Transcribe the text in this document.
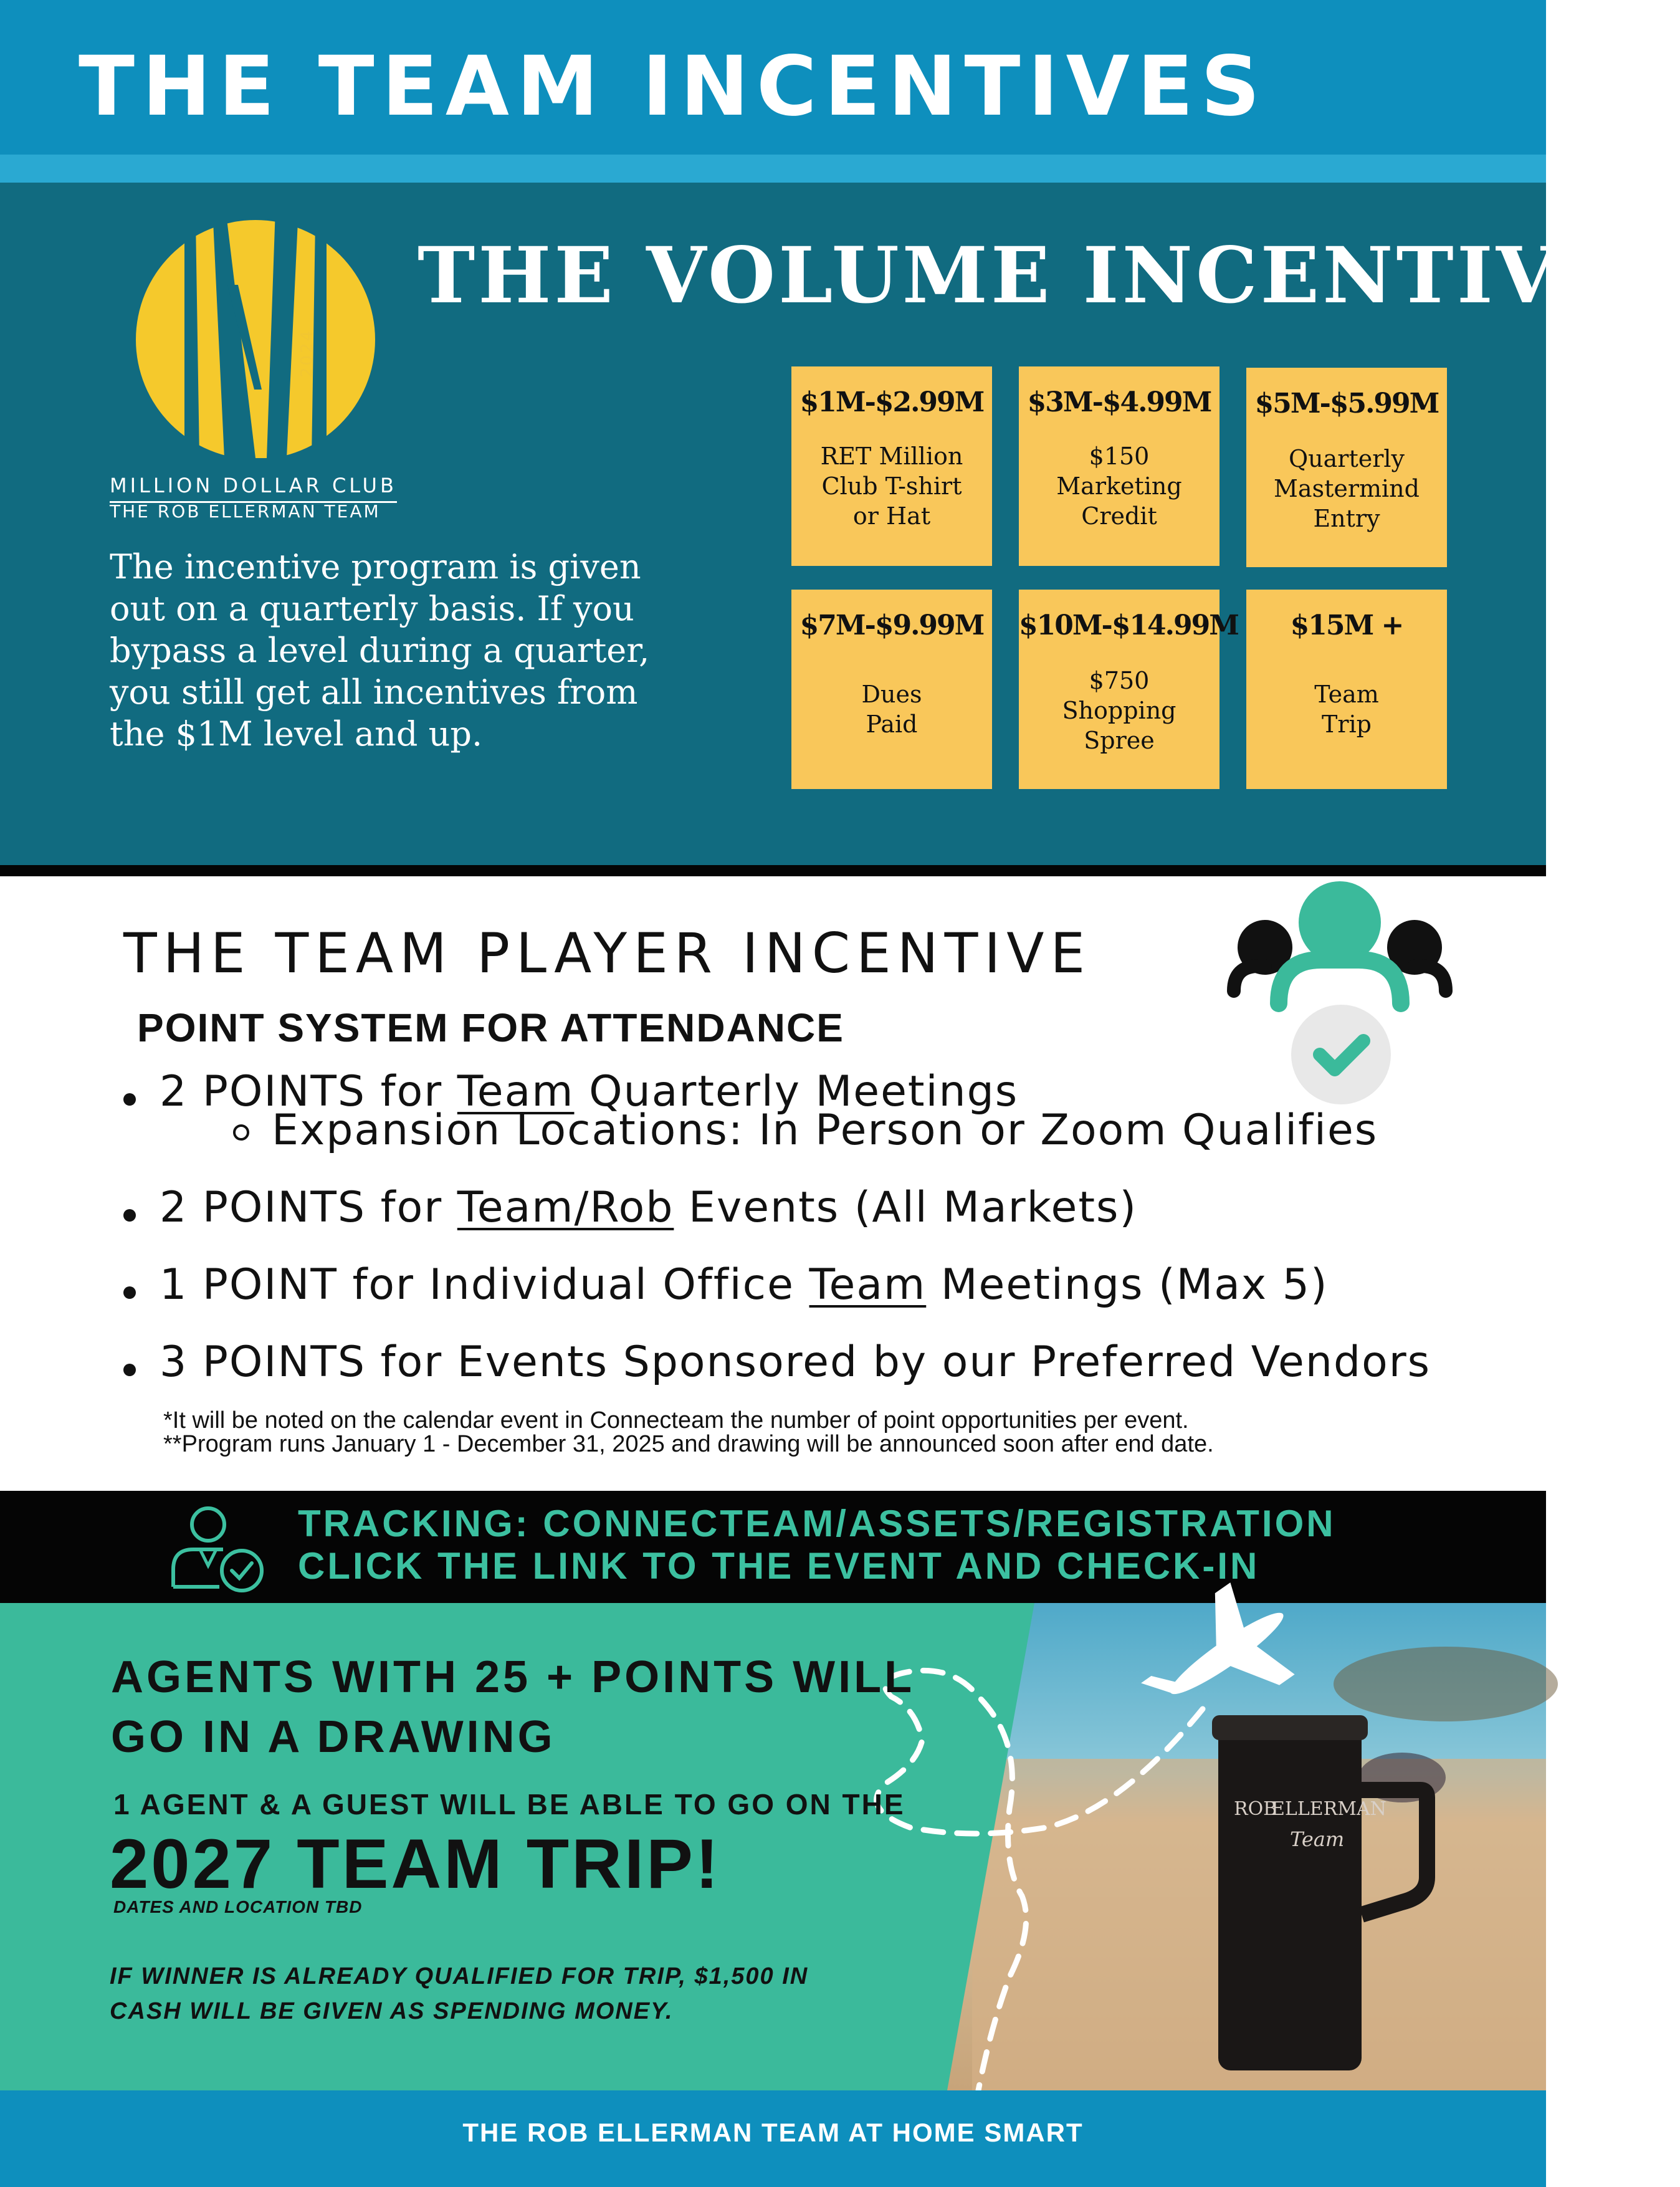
THE TEAM INCENTIVES
THE VOLUME INCENTIVES
2024
MILLION DOLLAR CLUB
THE ROB ELLERMAN TEAM
The incentive program is given out on a quarterly basis. If you bypass a level during a quarter, you still get all incentives from the $1M level and up.
$1M-$2.99M
RET Million
Club T-shirt
or Hat
$3M-$4.99M
$150
Marketing
Credit
$5M-$5.99M
Quarterly
Mastermind
Entry
$7M-$9.99M
Dues
Paid
$10M-$14.99M
$750
Shopping
Spree
$15M +
Team
Trip
THE TEAM PLAYER INCENTIVE
POINT SYSTEM FOR ATTENDANCE
2 POINTS for Team Quarterly Meetings
Expansion Locations: In Person or Zoom Qualifies
2 POINTS for Team/Rob Events (All Markets)
1 POINT for Individual Office Team Meetings (Max 5)
3 POINTS for Events Sponsored by our Preferred Vendors
*It will be noted on the calendar event in Connecteam the number of point opportunities per event.
**Program runs January 1 - December 31, 2025 and drawing will be announced soon after end date.
TRACKING: CONNECTEAM/ASSETS/REGISTRATION
CLICK THE LINK TO THE EVENT AND CHECK-IN
ROB
ELLERMAN
Team
AGENTS WITH 25 + POINTS WILL
GO IN A DRAWING
1 AGENT & A GUEST WILL BE ABLE TO GO ON THE
2027 TEAM TRIP!
DATES AND LOCATION TBD
IF WINNER IS ALREADY QUALIFIED FOR TRIP, $1,500 IN
CASH WILL BE GIVEN AS SPENDING MONEY.
THE ROB ELLERMAN TEAM AT HOME SMART
